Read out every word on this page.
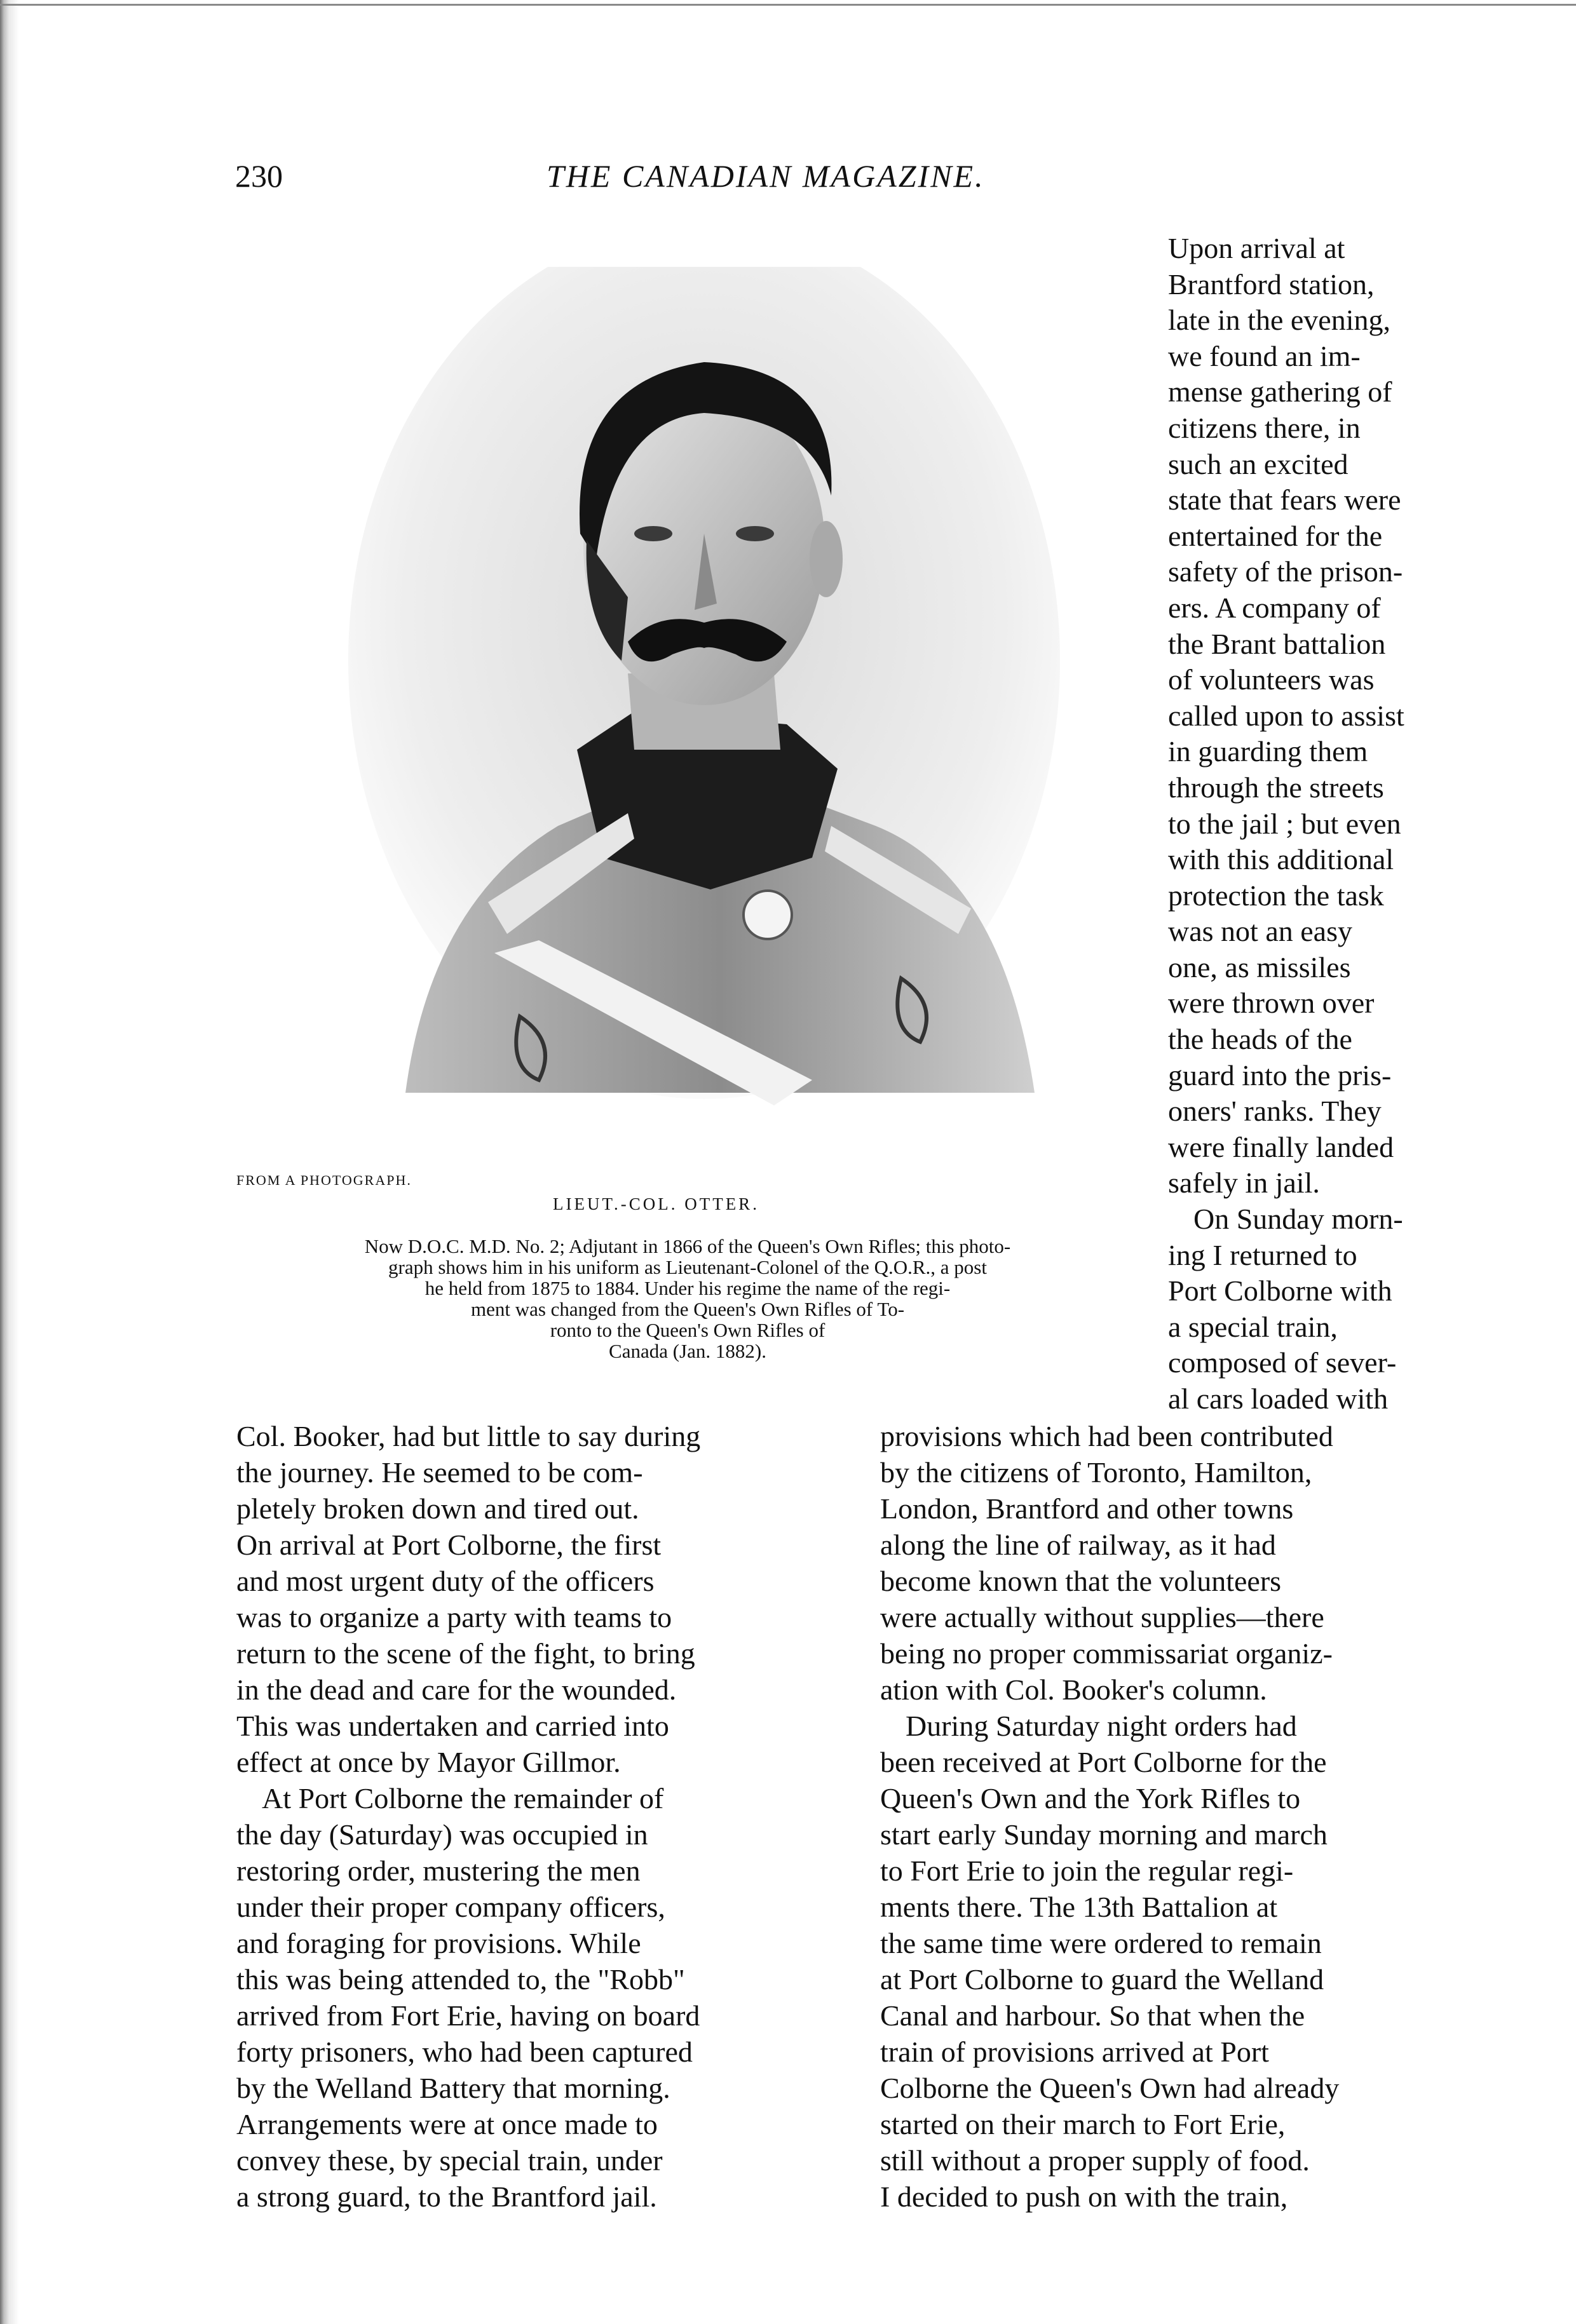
230	THE CANADIAN MAGAZINE.
FROM A PHOTOGRAPH.
LIEUT.-COL. OTTER.

Now D.O.C. M.D. No. 2; Adjutant in 1866 of the Queen's Own Rifles; this photo-
graph shows him in his uniform as Lieutenant-Colonel of the Q.O.R., a post
he held from 1875 to 1884. Under his regime the name of the regi-
ment was changed from the Queen's Own Rifles of To-
ronto to the Queen's Own Rifles of
Canada (Jan. 1882).

Upon arrival at
Brantford station,
late in the evening,
we found an im-
mense gathering of
citizens there, in
such an excited
state that fears were
entertained for the
safety of the prison-
ers. A company of
the Brant battalion
of volunteers was
called upon to assist
in guarding them
through the streets
to the jail ; but even
with this additional
protection the task
was not an easy
one, as missiles
were thrown over
the heads of the
guard into the pris-
oners' ranks. They
were finally landed
safely in jail.
On Sunday morn-
ing I returned to
Port Colborne with
a special train,
composed of sever-
al cars loaded with
Col. Booker, had but little to say during
the journey. He seemed to be com-
pletely broken down and tired out.
On arrival at Port Colborne, the first
and most urgent duty of the officers
was to organize a party with teams to
return to the scene of the fight, to bring
in the dead and care for the wounded.
This was undertaken and carried into
effect at once by Mayor Gillmor.
At Port Colborne the remainder of
the day (Saturday) was occupied in
restoring order, mustering the men
under their proper company officers,
and foraging for provisions. While
this was being attended to, the "Robb"
arrived from Fort Erie, having on board
forty prisoners, who had been captured
by the Welland Battery that morning.
Arrangements were at once made to
convey these, by special train, under
a strong guard, to the Brantford jail.
provisions which had been contributed
by the citizens of Toronto, Hamilton,
London, Brantford and other towns
along the line of railway, as it had
become known that the volunteers
were actually without supplies—there
being no proper commissariat organiz-
ation with Col. Booker's column.
During Saturday night orders had
been received at Port Colborne for the
Queen's Own and the York Rifles to
start early Sunday morning and march
to Fort Erie to join the regular regi-
ments there. The 13th Battalion at
the same time were ordered to remain
at Port Colborne to guard the Welland
Canal and harbour. So that when the
train of provisions arrived at Port
Colborne the Queen's Own had already
started on their march to Fort Erie,
still without a proper supply of food.
I decided to push on with the train,
